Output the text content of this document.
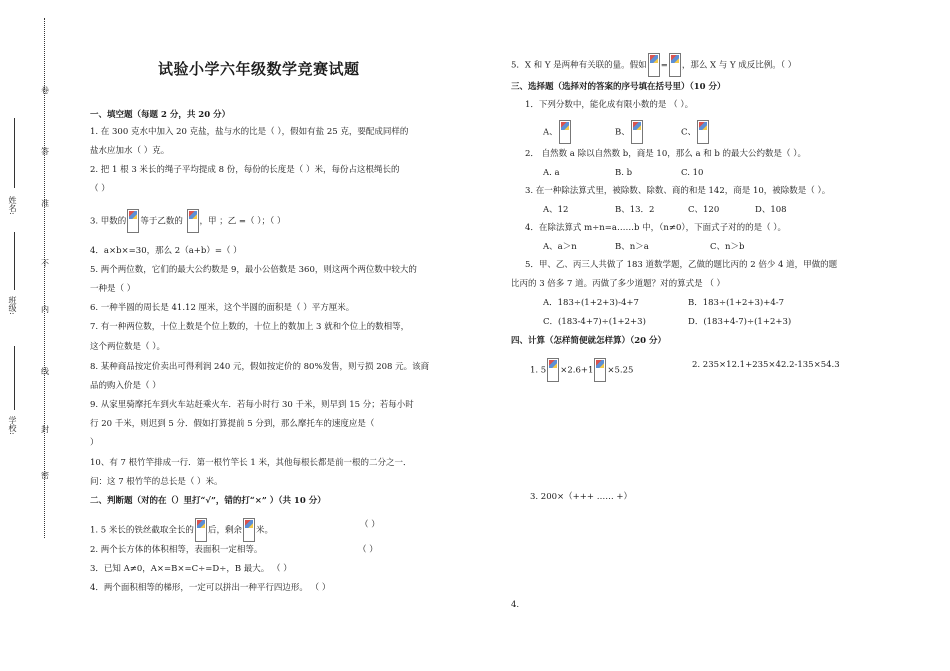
卷
答
准
不
内
线
封
密
姓名:
班级:
学校:
试验小学六年级数学竞赛试题
一、填空题（每题 2 分，共 20 分）
1. 在 300 克水中加入 20 克盐，盐与水的比是（ ），假如有盐 25 克，要配成同样的
盐水应加水（ ）克。
2. 把 1 根 3 米长的绳子平均提成 8 份，每份的长度是（ ）米，每份占这根绳长的
（ ）
3. 甲数的 等于乙数的 ，甲 ；乙 =（ ）；（ ）
4．a×b×=30，那么 2（a+b）=（ ）
5. 两个两位数，它们的最大公约数是 9，最小公倍数是 360，则这两个两位数中较大的
一种是（ ）
6. 一种半圆的周长是 41.12 厘米，这个半圆的面积是（ ）平方厘米。
7. 有一种两位数，十位上数是个位上数的，十位上的数加上 3 就和个位上的数相等，
这个两位数是（ ）。
8. 某种商品按定价卖出可得利润 240 元，假如按定价的 80%发售，则亏损 208 元。该商
品的购入价是（ ）
9. 从家里骑摩托车到火车站赶乘火车．若每小时行 30 千米，则早到 15 分；若每小时
行 20 千米，则迟到 5 分．假如打算提前 5 分到，那么摩托车的速度应是（
）
10、有 7 根竹竿排成一行．第一根竹竿长 1 米，其他每根长都是前一根的二分之一．
问：这 7 根竹竿的总长是（ ）米。
二、判断题（对的在（）里打“√”，错的打“×” ）（共 10 分）
1. 5 米长的铁丝截取全长的 后，剩余 米。
（ ）
2. 两个长方体的体积相等，表面积一定相等。	（ ）
3．已知 A≠0，A×=B×=C÷=D÷，B 最大。 （ ）
4．两个面积相等的梯形，一定可以拼出一种平行四边形。 （ ）
5．X 和 Y 是两种有关联的量。假如 = ，那么 X 与 Y 成反比例。（ ）
三、选择题（选择对的答案的序号填在括号里）（10 分）
1．下列分数中，能化成有限小数的是 （ ）。
A、	B、	C、
2． 自然数 a 除以自然数 b，商是 10，那么 a 和 b 的最大公约数是（ ）。
A. a	B. b	C. 10
3. 在一种除法算式里，被除数、除数、商的和是 142，商是 10，被除数是（ ）。
A、12	B、13．2	C、120	D、108
4．在除法算式 m÷n=a……b 中，（n≠0），下面式子对的的是（ ）。
A、a＞n	B、n＞a	C、n＞b
5．甲、乙、丙三人共做了 183 道数学题，乙做的题比丙的 2 倍少 4 道，甲做的题
比丙的 3 倍多 7 道。丙做了多少道题？对的算式是 （ ）
A．183÷(1+2+3)-4+7	B．183÷(1+2+3)+4-7
C．(183-4+7)÷(1+2+3)	D．(183+4-7)÷(1+2+3)
四、计算（怎样简便就怎样算）（20 分）
1. 5 ×2.6+1 ×5.25
2. 235×12.1+235×42.2-135×54.3
3. 200×（+++ …… +）
4.
